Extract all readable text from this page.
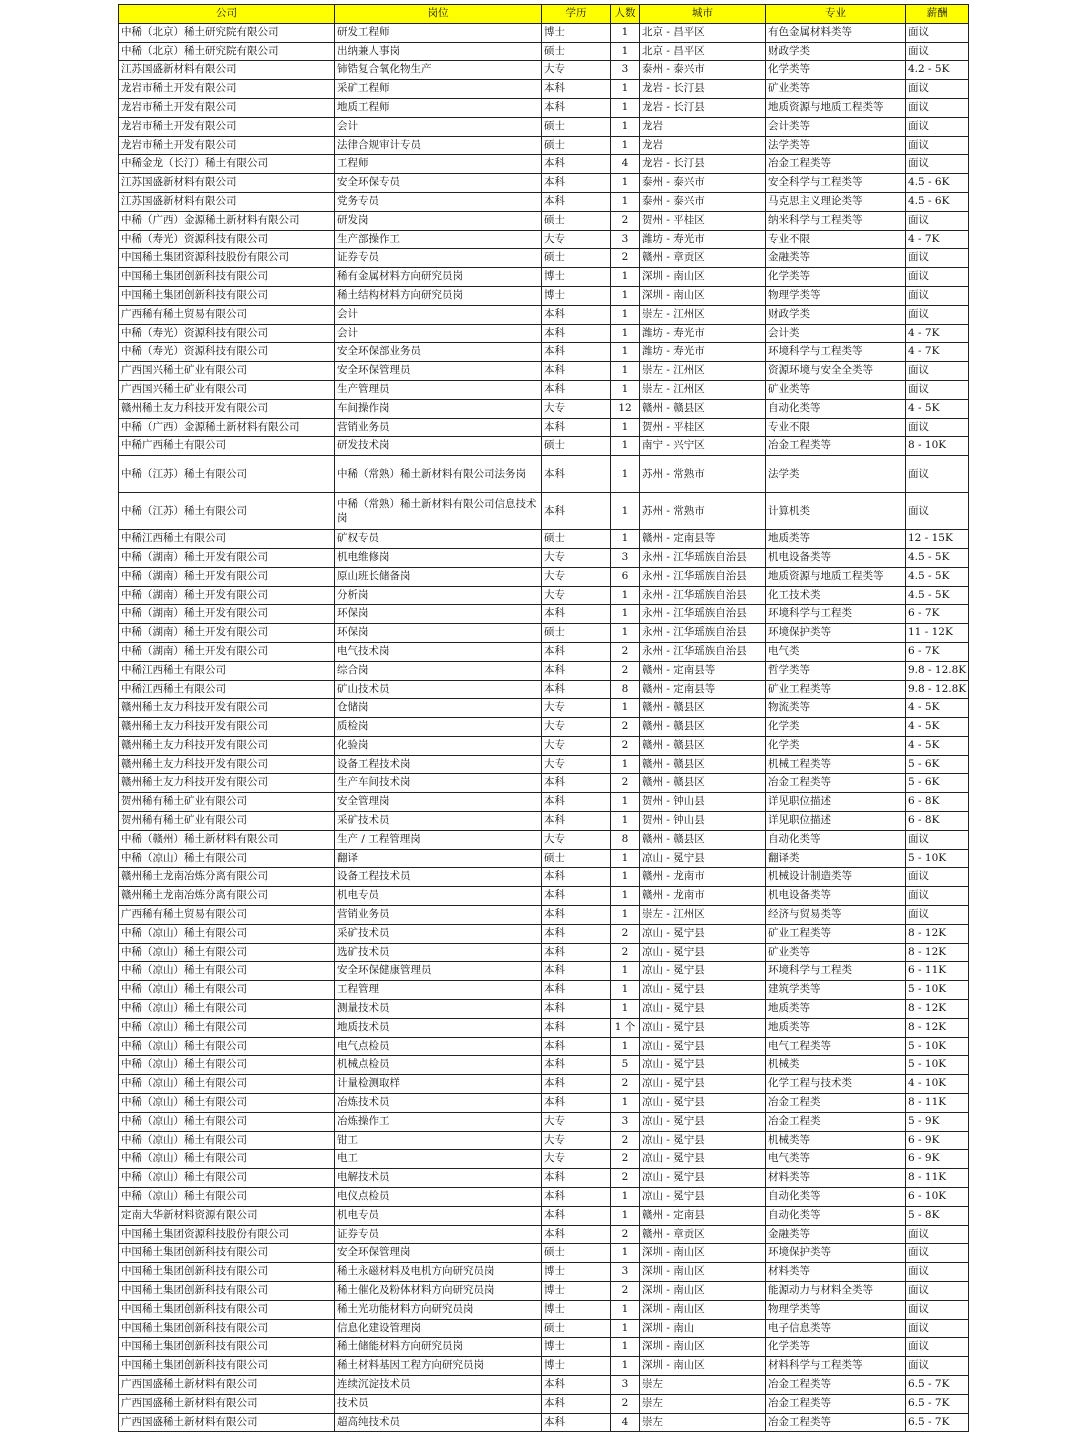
公司	岗位	学历	人数	城市	专业	薪酬
中稀（北京）稀土研究院有限公司	研发工程师	博士	1	北京 - 昌平区	有色金属材料类等	面议
中稀（北京）稀土研究院有限公司	出纳兼人事岗	硕士	1	北京 - 昌平区	财政学类	面议
江苏国盛新材料有限公司	铈锆复合氧化物生产	大专	3	泰州 - 泰兴市	化学类等	4.2 - 5K
龙岩市稀土开发有限公司	采矿工程师	本科	1	龙岩 - 长汀县	矿业类等	面议
龙岩市稀土开发有限公司	地质工程师	本科	1	龙岩 - 长汀县	地质资源与地质工程类等	面议
龙岩市稀土开发有限公司	会计	硕士	1	龙岩	会计类等	面议
龙岩市稀土开发有限公司	法律合规审计专员	硕士	1	龙岩	法学类等	面议
中稀金龙（长汀）稀土有限公司	工程师	本科	4	龙岩 - 长汀县	冶金工程类等	面议
江苏国盛新材料有限公司	安全环保专员	本科	1	泰州 - 泰兴市	安全科学与工程类等	4.5 - 6K
江苏国盛新材料有限公司	党务专员	本科	1	泰州 - 泰兴市	马克思主义理论类等	4.5 - 6K
中稀（广西）金源稀土新材料有限公司	研发岗	硕士	2	贺州 - 平桂区	纳米科学与工程类等	面议
中稀（寿光）资源科技有限公司	生产部操作工	大专	3	潍坊 - 寿光市	专业不限	4 - 7K
中国稀土集团资源科技股份有限公司	证券专员	硕士	2	赣州 - 章贡区	金融类等	面议
中国稀土集团创新科技有限公司	稀有金属材料方向研究员岗	博士	1	深圳 - 南山区	化学类等	面议
中国稀土集团创新科技有限公司	稀土结构材料方向研究员岗	博士	1	深圳 - 南山区	物理学类等	面议
广西稀有稀土贸易有限公司	会计	本科	1	崇左 - 江州区	财政学类	面议
中稀（寿光）资源科技有限公司	会计	本科	1	潍坊 - 寿光市	会计类	4 - 7K
中稀（寿光）资源科技有限公司	安全环保部业务员	本科	1	潍坊 - 寿光市	环境科学与工程类等	4 - 7K
广西国兴稀土矿业有限公司	安全环保管理员	本科	1	崇左 - 江州区	资源环境与安全全类等	面议
广西国兴稀土矿业有限公司	生产管理员	本科	1	崇左 - 江州区	矿业类等	面议
赣州稀土友力科技开发有限公司	车间操作岗	大专	12	赣州 - 赣县区	自动化类等	4 - 5K
中稀（广西）金源稀土新材料有限公司	营销业务员	本科	1	贺州 - 平桂区	专业不限	面议
中稀广西稀土有限公司	研发技术岗	硕士	1	南宁 - 兴宁区	冶金工程类等	8 - 10K
中稀（江苏）稀土有限公司	中稀（常熟）稀土新材料有限公司法务岗	本科	1	苏州 - 常熟市	法学类	面议
中稀（江苏）稀土有限公司	中稀（常熟）稀土新材料有限公司信息技术岗	本科	1	苏州 - 常熟市	计算机类	面议
中稀江西稀土有限公司	矿权专员	硕士	1	赣州 - 定南县等	地质类等	12 - 15K
中稀（湖南）稀土开发有限公司	机电维修岗	大专	3	永州 - 江华瑶族自治县	机电设备类等	4.5 - 5K
中稀（湖南）稀土开发有限公司	原山班长储备岗	大专	6	永州 - 江华瑶族自治县	地质资源与地质工程类等	4.5 - 5K
中稀（湖南）稀土开发有限公司	分析岗	大专	1	永州 - 江华瑶族自治县	化工技术类	4.5 - 5K
中稀（湖南）稀土开发有限公司	环保岗	本科	1	永州 - 江华瑶族自治县	环境科学与工程类	6 - 7K
中稀（湖南）稀土开发有限公司	环保岗	硕士	1	永州 - 江华瑶族自治县	环境保护类等	11 - 12K
中稀（湖南）稀土开发有限公司	电气技术岗	本科	2	永州 - 江华瑶族自治县	电气类	6 - 7K
中稀江西稀土有限公司	综合岗	本科	2	赣州 - 定南县等	哲学类等	9.8 - 12.8K
中稀江西稀土有限公司	矿山技术员	本科	8	赣州 - 定南县等	矿业工程类等	9.8 - 12.8K
赣州稀土友力科技开发有限公司	仓储岗	大专	1	赣州 - 赣县区	物流类等	4 - 5K
赣州稀土友力科技开发有限公司	质检岗	大专	2	赣州 - 赣县区	化学类	4 - 5K
赣州稀土友力科技开发有限公司	化验岗	大专	2	赣州 - 赣县区	化学类	4 - 5K
赣州稀土友力科技开发有限公司	设备工程技术岗	大专	1	赣州 - 赣县区	机械工程类等	5 - 6K
赣州稀土友力科技开发有限公司	生产车间技术岗	本科	2	赣州 - 赣县区	冶金工程类等	5 - 6K
贺州稀有稀土矿业有限公司	安全管理岗	本科	1	贺州 - 钟山县	详见职位描述	6 - 8K
贺州稀有稀土矿业有限公司	采矿技术员	本科	1	贺州 - 钟山县	详见职位描述	6 - 8K
中稀（赣州）稀土新材料有限公司	生产 / 工程管理岗	大专	8	赣州 - 赣县区	自动化类等	面议
中稀（凉山）稀土有限公司	翻译	硕士	1	凉山 - 冕宁县	翻译类	5 - 10K
赣州稀土龙南冶炼分离有限公司	设备工程技术员	本科	1	赣州 - 龙南市	机械设计制造类等	面议
赣州稀土龙南冶炼分离有限公司	机电专员	本科	1	赣州 - 龙南市	机电设备类等	面议
广西稀有稀土贸易有限公司	营销业务员	本科	1	崇左 - 江州区	经济与贸易类等	面议
中稀（凉山）稀土有限公司	采矿技术员	本科	2	凉山 - 冕宁县	矿业工程类等	8 - 12K
中稀（凉山）稀土有限公司	选矿技术员	本科	2	凉山 - 冕宁县	矿业类等	8 - 12K
中稀（凉山）稀土有限公司	安全环保健康管理员	本科	1	凉山 - 冕宁县	环境科学与工程类	6 - 11K
中稀（凉山）稀土有限公司	工程管理	本科	1	凉山 - 冕宁县	建筑学类等	5 - 10K
中稀（凉山）稀土有限公司	测量技术员	本科	1	凉山 - 冕宁县	地质类等	8 - 12K
中稀（凉山）稀土有限公司	地质技术员	本科	1 个	凉山 - 冕宁县	地质类等	8 - 12K
中稀（凉山）稀土有限公司	电气点检员	本科	1	凉山 - 冕宁县	电气工程类等	5 - 10K
中稀（凉山）稀土有限公司	机械点检员	本科	5	凉山 - 冕宁县	机械类	5 - 10K
中稀（凉山）稀土有限公司	计量检测取样	本科	2	凉山 - 冕宁县	化学工程与技术类	4 - 10K
中稀（凉山）稀土有限公司	冶炼技术员	本科	1	凉山 - 冕宁县	冶金工程类	8 - 11K
中稀（凉山）稀土有限公司	冶炼操作工	大专	3	凉山 - 冕宁县	冶金工程类	5 - 9K
中稀（凉山）稀土有限公司	钳工	大专	2	凉山 - 冕宁县	机械类等	6 - 9K
中稀（凉山）稀土有限公司	电工	大专	2	凉山 - 冕宁县	电气类等	6 - 9K
中稀（凉山）稀土有限公司	电解技术员	本科	2	凉山 - 冕宁县	材料类等	8 - 11K
中稀（凉山）稀土有限公司	电仪点检员	本科	1	凉山 - 冕宁县	自动化类等	6 - 10K
定南大华新材料资源有限公司	机电专员	本科	1	赣州 - 定南县	自动化类等	5 - 8K
中国稀土集团资源科技股份有限公司	证券专员	本科	2	赣州 - 章贡区	金融类等	面议
中国稀土集团创新科技有限公司	安全环保管理岗	硕士	1	深圳 - 南山区	环境保护类等	面议
中国稀土集团创新科技有限公司	稀土永磁材料及电机方向研究员岗	博士	3	深圳 - 南山区	材料类等	面议
中国稀土集团创新科技有限公司	稀土催化及粉体材料方向研究员岗	博士	2	深圳 - 南山区	能源动力与材料全类等	面议
中国稀土集团创新科技有限公司	稀土光功能材料方向研究员岗	博士	1	深圳 - 南山区	物理学类等	面议
中国稀土集团创新科技有限公司	信息化建设管理岗	硕士	1	深圳 - 南山	电子信息类等	面议
中国稀土集团创新科技有限公司	稀土储能材料方向研究员岗	博士	1	深圳 - 南山区	化学类等	面议
中国稀土集团创新科技有限公司	稀土材料基因工程方向研究员岗	博士	1	深圳 - 南山区	材料科学与工程类等	面议
广西国盛稀土新材料有限公司	连续沉淀技术员	本科	3	崇左	冶金工程类等	6.5 - 7K
广西国盛稀土新材料有限公司	技术员	本科	2	崇左	冶金工程类等	6.5 - 7K
广西国盛稀土新材料有限公司	超高纯技术员	本科	4	崇左	冶金工程类等	6.5 - 7K
